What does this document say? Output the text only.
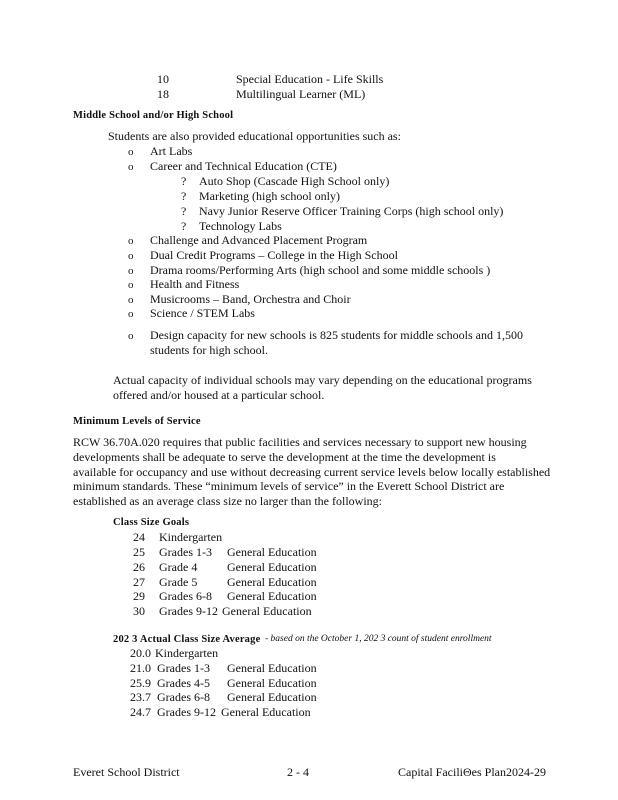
10	Special Education - Life Skills
18	Multilingual Learner (ML)
Middle School and/or High School
Students are also provided educational opportunities such as:
o Art Labs
o Career and Technical Education (CTE)
? Auto Shop (Cascade High School only)
? Marketing (high school only)
? Navy Junior Reserve Officer Training Corps (high school only)
? Technology Labs
o Challenge and Advanced Placement Program
o Dual Credit Programs – College in the High School
o Drama rooms/Performing Arts (high school and some middle schools )
o Health and Fitness
o Musicrooms – Band, Orchestra and Choir
o Science / STEM Labs
o Design capacity for new schools is 825 students for middle schools and 1,500
students for high school.
Actual capacity of individual schools may vary depending on the educational programs
offered and/or housed at a particular school.
Minimum Levels of Service
RCW 36.70A.020 requires that public facilities and services necessary to support new housing
developments shall be adequate to serve the development at the time the development is
available for occupancy and use without decreasing current service levels below locally established
minimum standards. These “minimum levels of service” in the Everett School District are
established as an average class size no larger than the following:
Class Size Goals
24 Kindergarten
25 Grades 1-3 General Education
26 Grade 4 General Education
27 Grade 5 General Education
29 Grades 6-8 General Education
30 Grades 9-12 General Education
202 3 Actual Class Size Average - based on the October 1, 202 3 count of student enrollment
20.0 Kindergarten
21.0 Grades 1-3 General Education
25.9 Grades 4-5 General Education
23.7 Grades 6-8 General Education
24.7 Grades 9-12 General Education
Everet School District	2 - 4	Capital FaciliΘes Plan2024-29
